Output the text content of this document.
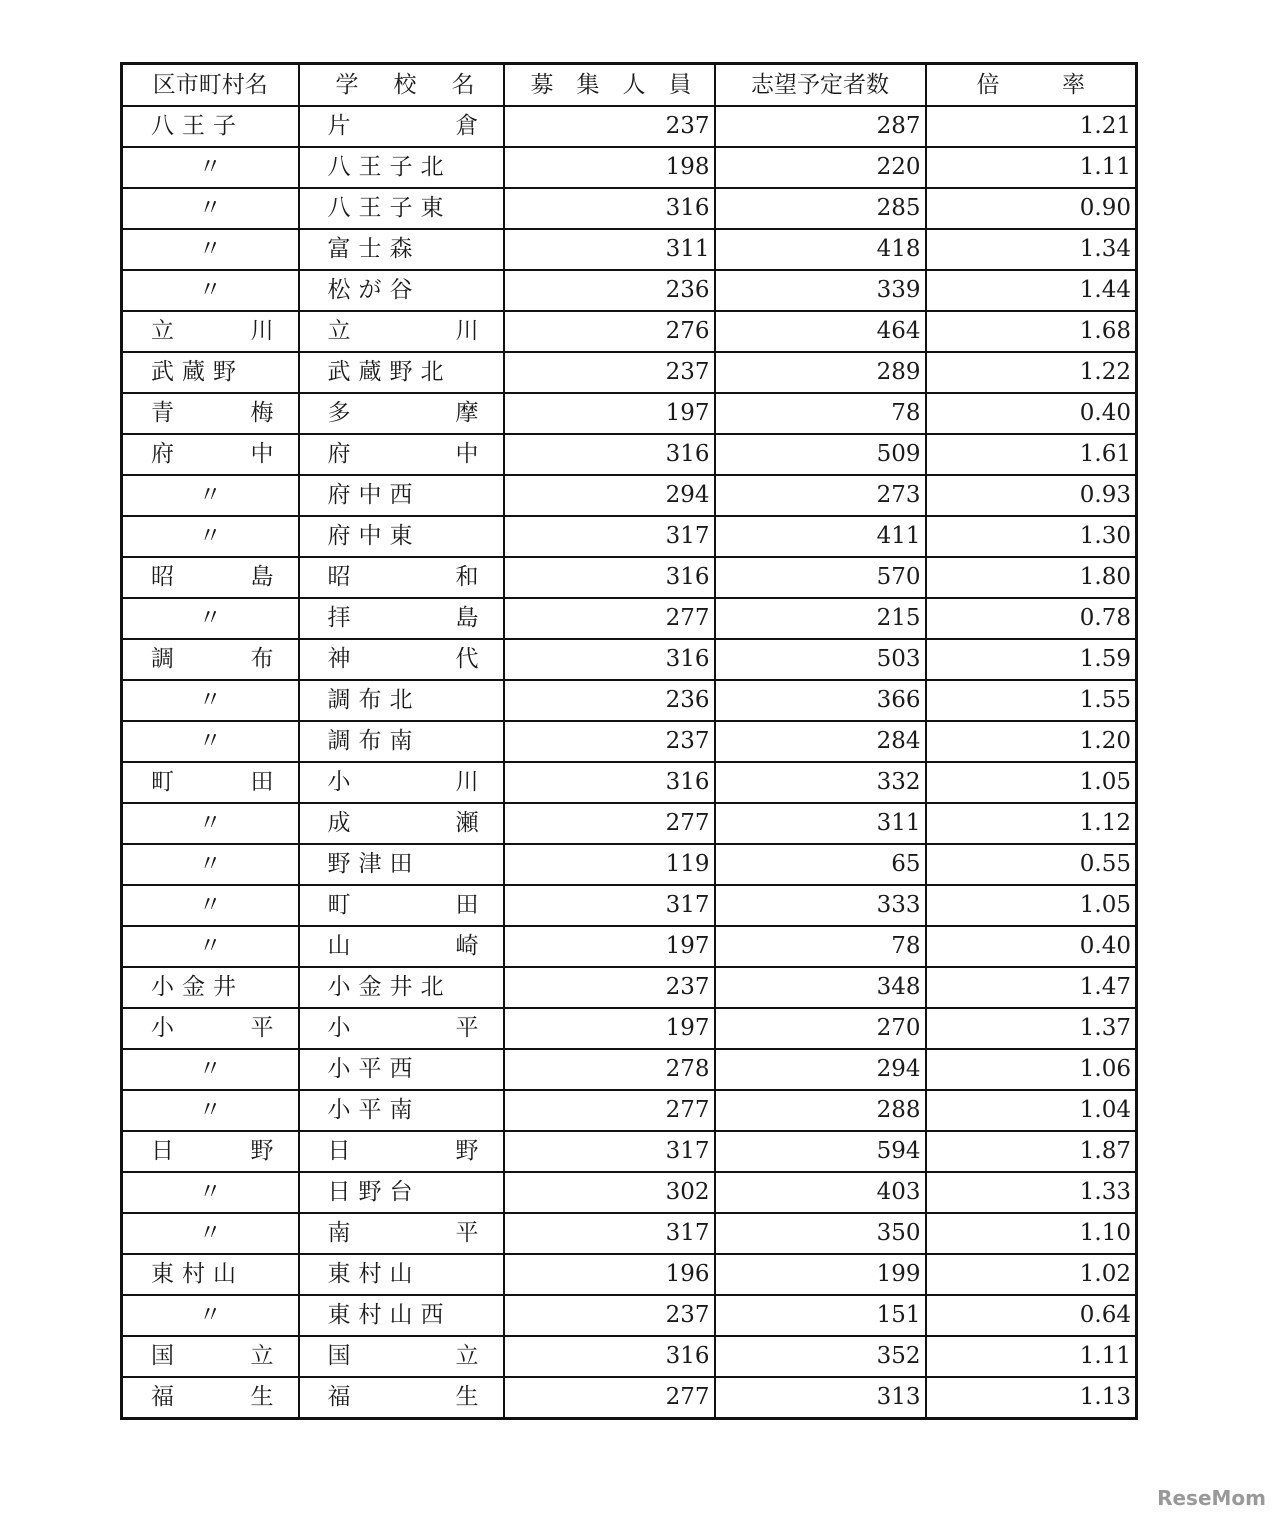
区市町村名	学 校 名	募 集 人 員	志望予定者数	倍 率

八王子	片 倉	237	287	1.21

〃	八王子北	198	220	1.11

〃	八王子東	316	285	0.90

〃	富士森	311	418	1.34

〃	松が谷	236	339	1.44

立 川	立 川	276	464	1.68

武蔵野	武蔵野北	237	289	1.22

青 梅	多 摩	197	78	0.40

府 中	府 中	316	509	1.61

〃	府中西	294	273	0.93

〃	府中東	317	411	1.30

昭 島	昭 和	316	570	1.80

〃	拝 島	277	215	0.78

調 布	神 代	316	503	1.59

〃	調布北	236	366	1.55

〃	調布南	237	284	1.20

町 田	小 川	316	332	1.05

〃	成 瀬	277	311	1.12

〃	野津田	119	65	0.55

〃	町 田	317	333	1.05

〃	山 崎	197	78	0.40

小金井	小金井北	237	348	1.47

小 平	小 平	197	270	1.37

〃	小平西	278	294	1.06

〃	小平南	277	288	1.04

日 野	日 野	317	594	1.87

〃	日野台	302	403	1.33

〃	南 平	317	350	1.10

東村山	東村山	196	199	1.02

〃	東村山西	237	151	0.64

国 立	国 立	316	352	1.11

福 生	福 生	277	313	1.13
ReseMom
